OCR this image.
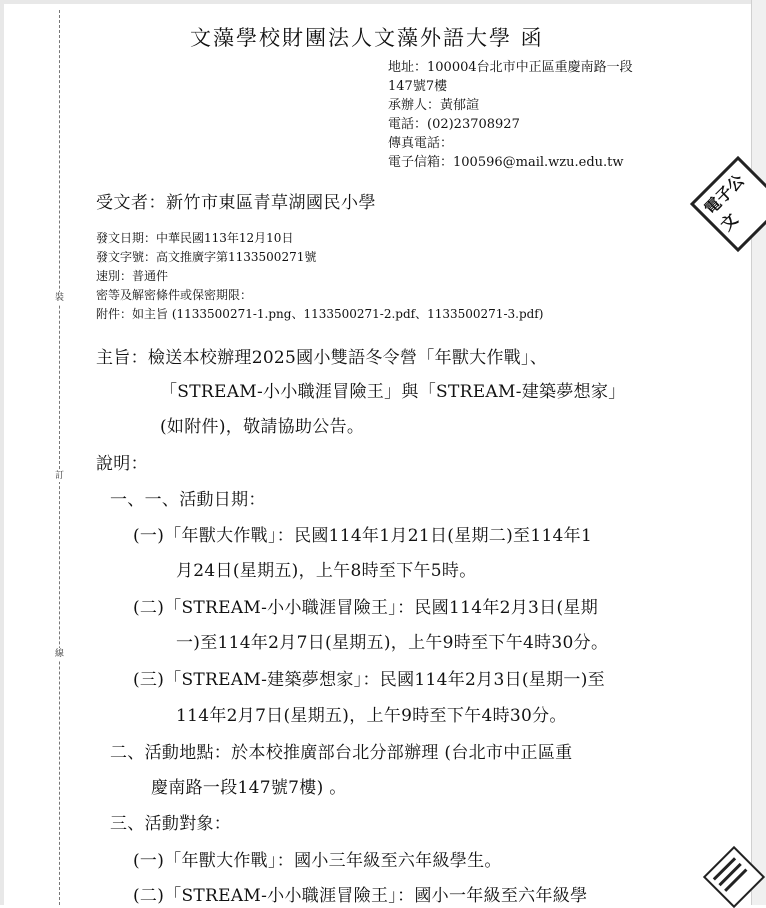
裝
訂
線
文藻學校財團法人文藻外語大學 函
地址：100004台北市中正區重慶南路一段
147號7樓
承辦人：黃郁諠
電話：(02)23708927
傳真電話：
電子信箱：100596@mail.wzu.edu.tw
電子公文
受文者：新竹市東區青草湖國民小學
發文日期：中華民國113年12月10日
發文字號：高文推廣字第1133500271號
速別：普通件
密等及解密條件或保密期限：
附件：如主旨 (1133500271-1.png、1133500271-2.pdf、1133500271-3.pdf)
主旨：檢送本校辦理2025國小雙語冬令營「年獸大作戰」、
「STREAM-小小職涯冒險王」與「STREAM-建築夢想家」
(如附件)，敬請協助公告。
說明：
一、一、活動日期：
(一)「年獸大作戰」：民國114年1月21日(星期二)至114年1
月24日(星期五)，上午8時至下午5時。
(二)「STREAM-小小職涯冒險王」：民國114年2月3日(星期
一)至114年2月7日(星期五)，上午9時至下午4時30分。
(三)「STREAM-建築夢想家」：民國114年2月3日(星期一)至
114年2月7日(星期五)，上午9時至下午4時30分。
二、活動地點：於本校推廣部台北分部辦理 (台北市中正區重
慶南路一段147號7樓) 。
三、活動對象：
(一)「年獸大作戰」：國小三年級至六年級學生。
(二)「STREAM-小小職涯冒險王」：國小一年級至六年級學
